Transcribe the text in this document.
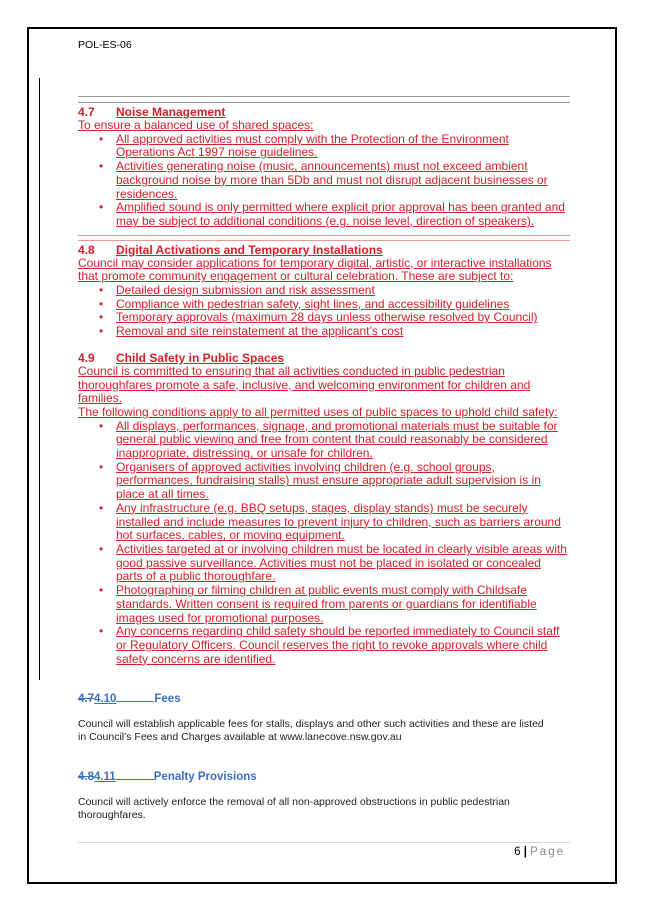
POL-ES-06
4.7 Noise Management
To ensure a balanced use of shared spaces:
• All approved activities must comply with the Protection of the Environment
Operations Act 1997 noise guidelines.
• Activities generating noise (music, announcements) must not exceed ambient
background noise by more than 5Db and must not disrupt adjacent businesses or
residences.
• Amplified sound is only permitted where explicit prior approval has been granted and
may be subject to additional conditions (e.g. noise level, direction of speakers).
4.8 Digital Activations and Temporary Installations
Council may consider applications for temporary digital, artistic, or interactive installations
that promote community engagement or cultural celebration. These are subject to:
• Detailed design submission and risk assessment
• Compliance with pedestrian safety, sight lines, and accessibility guidelines
• Temporary approvals (maximum 28 days unless otherwise resolved by Council)
• Removal and site reinstatement at the applicant’s cost
4.9 Child Safety in Public Spaces
Council is committed to ensuring that all activities conducted in public pedestrian
thoroughfares promote a safe, inclusive, and welcoming environment for children and
families.
The following conditions apply to all permitted uses of public spaces to uphold child safety:
• All displays, performances, signage, and promotional materials must be suitable for
general public viewing and free from content that could reasonably be considered
inappropriate, distressing, or unsafe for children.
• Organisers of approved activities involving children (e.g. school groups,
performances, fundraising stalls) must ensure appropriate adult supervision is in
place at all times.
• Any infrastructure (e.g. BBQ setups, stages, display stands) must be securely
installed and include measures to prevent injury to children, such as barriers around
hot surfaces, cables, or moving equipment.
• Activities targeted at or involving children must be located in clearly visible areas with
good passive surveillance. Activities must not be placed in isolated or concealed
parts of a public thoroughfare.
• Photographing or filming children at public events must comply with Childsafe
standards. Written consent is required from parents or guardians for identifiable
images used for promotional purposes.
• Any concerns regarding child safety should be reported immediately to Council staff
or Regulatory Officers. Council reserves the right to revoke approvals where child
safety concerns are identified.
4.74.10	Fees
Council will establish applicable fees for stalls, displays and other such activities and these are listed
in Council’s Fees and Charges available at www.lanecove.nsw.gov.au
4.84.11	Penalty Provisions
Council will actively enforce the removal of all non-approved obstructions in public pedestrian
thoroughfares.
6 | Page
